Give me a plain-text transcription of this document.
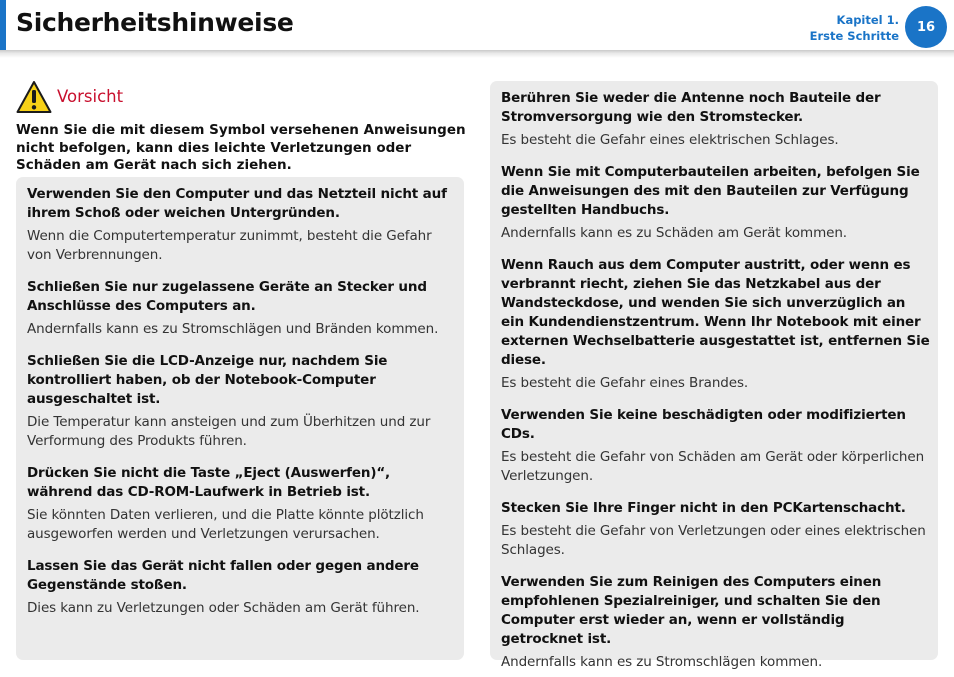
Sicherheitshinweise	Kapitel 1.
Erste Schritte
16
Vorsicht

Wenn Sie die mit diesem Symbol versehenen Anweisungen nicht befolgen, kann dies leichte Verletzungen oder Schäden am Gerät nach sich ziehen.

Verwenden Sie den Computer und das Netzteil nicht auf ihrem Schoß oder weichen Untergründen.

Wenn die Computertemperatur zunimmt, besteht die Gefahr von Verbrennungen.

Schließen Sie nur zugelassene Geräte an Stecker und Anschlüsse des Computers an.

Andernfalls kann es zu Stromschlägen und Bränden kommen.

Schließen Sie die LCD-Anzeige nur, nachdem Sie kontrolliert haben, ob der Notebook-Computer ausgeschaltet ist.

Die Temperatur kann ansteigen und zum Überhitzen und zur Verformung des Produkts führen.

Drücken Sie nicht die Taste „Eject (Auswerfen)“, während das CD-ROM-Laufwerk in Betrieb ist.

Sie könnten Daten verlieren, und die Platte könnte plötzlich ausgeworfen werden und Verletzungen verursachen.

Lassen Sie das Gerät nicht fallen oder gegen andere Gegenstände stoßen.

Dies kann zu Verletzungen oder Schäden am Gerät führen.

Berühren Sie weder die Antenne noch Bauteile der Stromversorgung wie den Stromstecker.

Es besteht die Gefahr eines elektrischen Schlages.

Wenn Sie mit Computerbauteilen arbeiten, befolgen Sie die Anweisungen des mit den Bauteilen zur Verfügung gestellten Handbuchs.

Andernfalls kann es zu Schäden am Gerät kommen.

Wenn Rauch aus dem Computer austritt, oder wenn es verbrannt riecht, ziehen Sie das Netzkabel aus der Wandsteckdose, und wenden Sie sich unverzüglich an ein Kundendienstzentrum. Wenn Ihr Notebook mit einer externen Wechselbatterie ausgestattet ist, entfernen Sie diese.

Es besteht die Gefahr eines Brandes.

Verwenden Sie keine beschädigten oder modifizierten CDs.

Es besteht die Gefahr von Schäden am Gerät oder körperlichen Verletzungen.

Stecken Sie Ihre Finger nicht in den PCKartenschacht.

Es besteht die Gefahr von Verletzungen oder eines elektrischen Schlages.

Verwenden Sie zum Reinigen des Computers einen empfohlenen Spezialreiniger, und schalten Sie den Computer erst wieder an, wenn er vollständig getrocknet ist.

Andernfalls kann es zu Stromschlägen kommen.
